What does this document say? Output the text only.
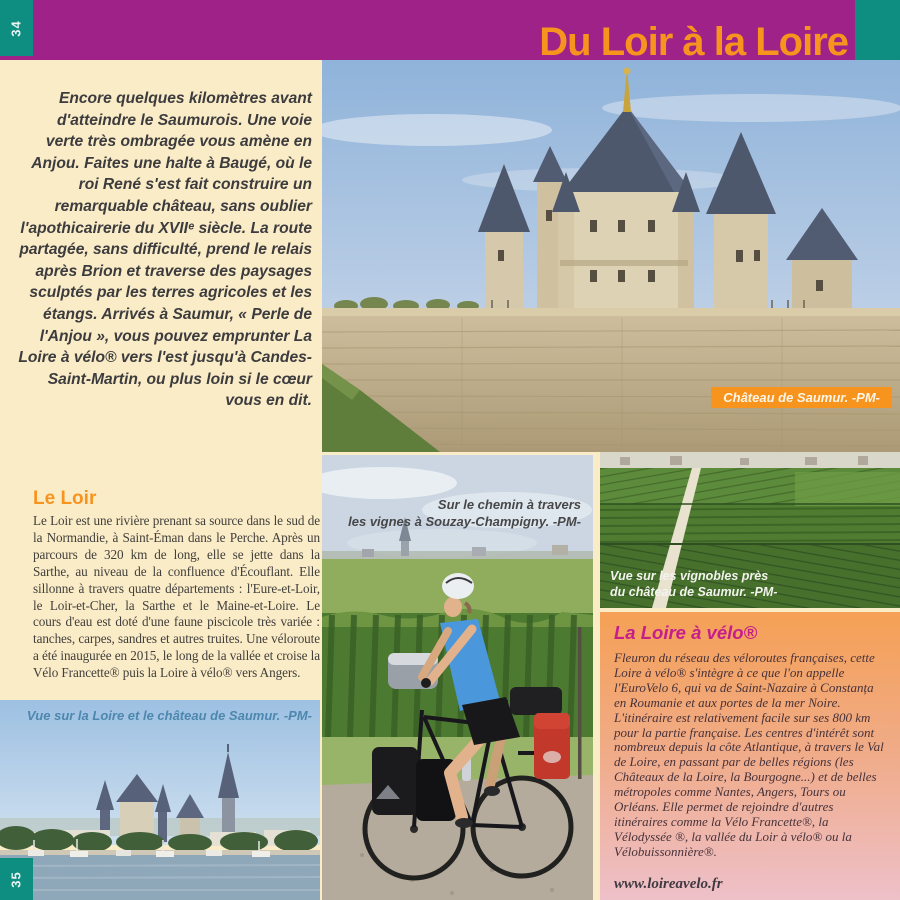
34	Du Loir à la Loire
Encore quelques kilomètres avant d'atteindre le Saumurois. Une voie verte très ombragée vous amène en Anjou. Faites une halte à Baugé, où le roi René s'est fait construire un remarquable château, sans oublier l'apothicairerie du XVIIᵉ siècle. La route partagée, sans difficulté, prend le relais après Brion et traverse des paysages sculptés par les terres agricoles et les étangs. Arrivés à Saumur, « Perle de l'Anjou », vous pouvez emprunter La Loire à vélo® vers l'est jusqu'à Candes-Saint-Martin, ou plus loin si le cœur vous en dit.
Le Loir

Le Loir est une rivière prenant sa source dans le sud de la Normandie, à Saint-Éman dans le Perche. Après un parcours de 320 km de long, elle se jette dans la Sarthe, au niveau de la confluence d'Écouflant. Elle sillonne à travers quatre départements : l'Eure-et-Loir, le Loir-et-Cher, la Sarthe et le Maine-et-Loire. Le cours d'eau est doté d'une faune piscicole très variée : tanches, carpes, sandres et autres truites. Une véloroute a été inaugurée en 2015, le long de la vallée et croise la Vélo Francette® puis la Loire à vélo® vers Angers.

Vue sur la Loire et le château de Saumur. -PM-
Château de Saumur. -PM-
Sur le chemin à travers
les vignes à Souzay-Champigny. -PM-
Vue sur les vignobles près
du château de Saumur. -PM-
La Loire à vélo®

Fleuron du réseau des véloroutes françaises, cette Loire à vélo® s'intègre à ce que l'on appelle l'EuroVelo 6, qui va de Saint-Nazaire à Constanța en Roumanie et aux portes de la mer Noire. L'itinéraire est relativement facile sur ses 800 km pour la partie française. Les centres d'intérêt sont nombreux depuis la côte Atlantique, à travers le Val de Loire, en passant par de belles régions (les Châteaux de la Loire, la Bourgogne...) et de belles métropoles comme Nantes, Angers, Tours ou Orléans. Elle permet de rejoindre d'autres itinéraires comme la Vélo Francette®, la Vélodyssée ®, la vallée du Loir à vélo® ou la Vélobuissonnière®.

www.loireavelo.fr
35
